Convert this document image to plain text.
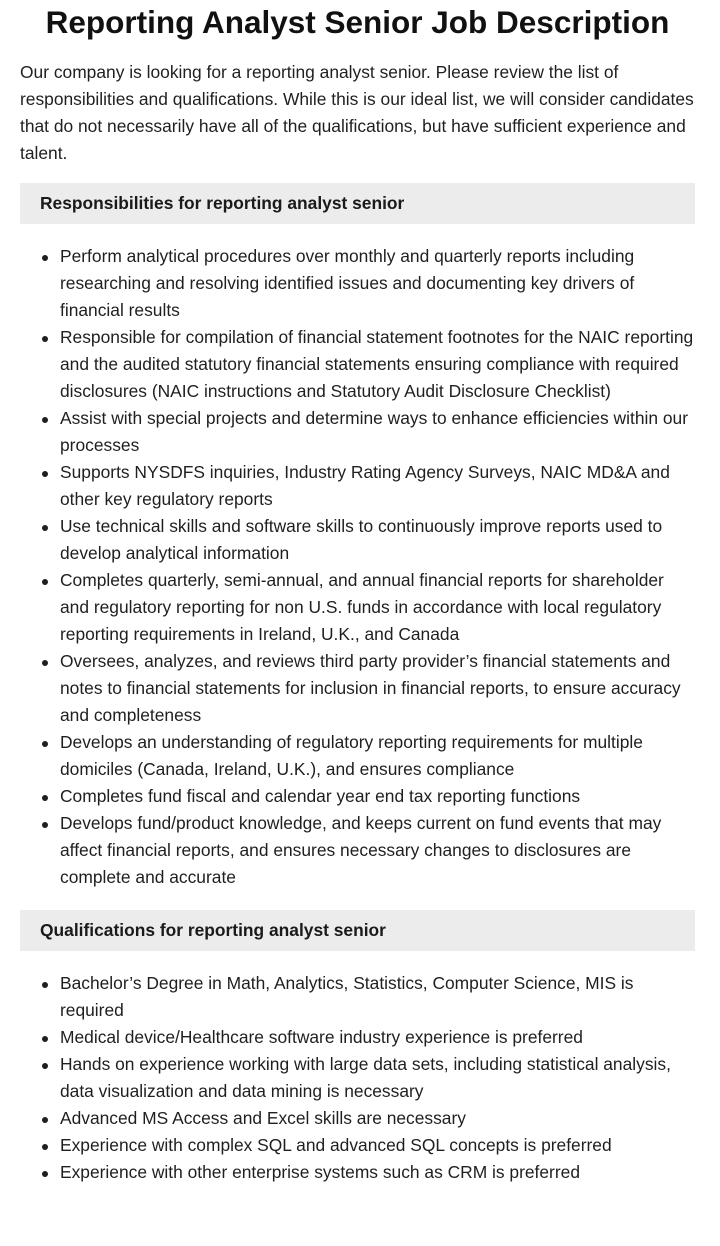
Reporting Analyst Senior Job Description

Our company is looking for a reporting analyst senior. Please review the list of responsibilities and qualifications. While this is our ideal list, we will consider candidates that do not necessarily have all of the qualifications, but have sufficient experience and talent.

Responsibilities for reporting analyst senior
Perform analytical procedures over monthly and quarterly reports including researching and resolving identified issues and documenting key drivers of financial results
Responsible for compilation of financial statement footnotes for the NAIC reporting and the audited statutory financial statements ensuring compliance with required disclosures (NAIC instructions and Statutory Audit Disclosure Checklist)
Assist with special projects and determine ways to enhance efficiencies within our processes
Supports NYSDFS inquiries, Industry Rating Agency Surveys, NAIC MD&A and other key regulatory reports
Use technical skills and software skills to continuously improve reports used to develop analytical information
Completes quarterly, semi-annual, and annual financial reports for shareholder and regulatory reporting for non U.S. funds in accordance with local regulatory reporting requirements in Ireland, U.K., and Canada
Oversees, analyzes, and reviews third party provider’s financial statements and notes to financial statements for inclusion in financial reports, to ensure accuracy and completeness
Develops an understanding of regulatory reporting requirements for multiple domiciles (Canada, Ireland, U.K.), and ensures compliance
Completes fund fiscal and calendar year end tax reporting functions
Develops fund/product knowledge, and keeps current on fund events that may affect financial reports, and ensures necessary changes to disclosures are complete and accurate
Qualifications for reporting analyst senior
Bachelor’s Degree in Math, Analytics, Statistics, Computer Science, MIS is required
Medical device/Healthcare software industry experience is preferred
Hands on experience working with large data sets, including statistical analysis, data visualization and data mining is necessary
Advanced MS Access and Excel skills are necessary
Experience with complex SQL and advanced SQL concepts is preferred
Experience with other enterprise systems such as CRM is preferred
